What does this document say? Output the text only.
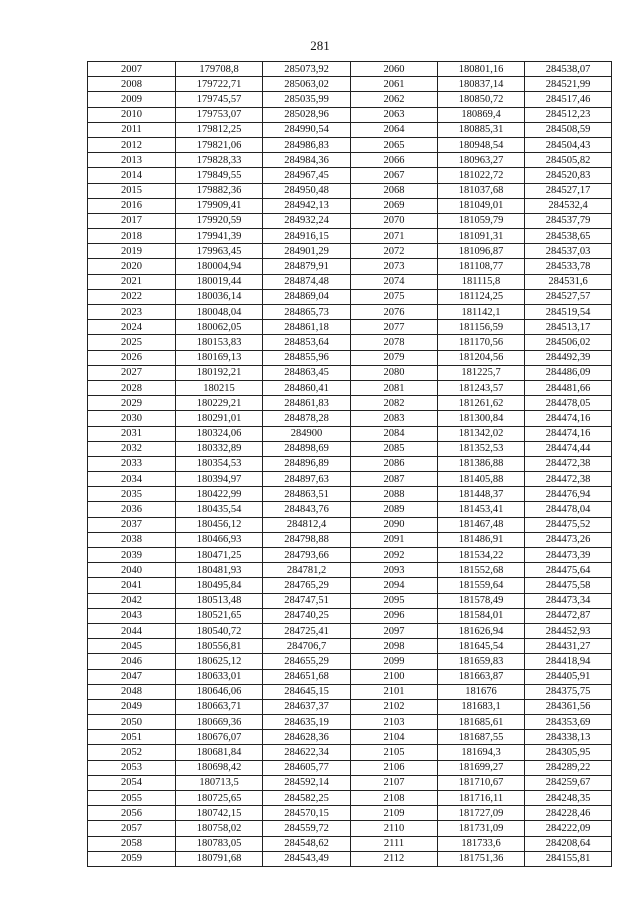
281
2007	179708,8	285073,92	2060	180801,16	284538,07
2008	179722,71	285063,02	2061	180837,14	284521,99
2009	179745,57	285035,99	2062	180850,72	284517,46
2010	179753,07	285028,96	2063	180869,4	284512,23
2011	179812,25	284990,54	2064	180885,31	284508,59
2012	179821,06	284986,83	2065	180948,54	284504,43
2013	179828,33	284984,36	2066	180963,27	284505,82
2014	179849,55	284967,45	2067	181022,72	284520,83
2015	179882,36	284950,48	2068	181037,68	284527,17
2016	179909,41	284942,13	2069	181049,01	284532,4
2017	179920,59	284932,24	2070	181059,79	284537,79
2018	179941,39	284916,15	2071	181091,31	284538,65
2019	179963,45	284901,29	2072	181096,87	284537,03
2020	180004,94	284879,91	2073	181108,77	284533,78
2021	180019,44	284874,48	2074	181115,8	284531,6
2022	180036,14	284869,04	2075	181124,25	284527,57
2023	180048,04	284865,73	2076	181142,1	284519,54
2024	180062,05	284861,18	2077	181156,59	284513,17
2025	180153,83	284853,64	2078	181170,56	284506,02
2026	180169,13	284855,96	2079	181204,56	284492,39
2027	180192,21	284863,45	2080	181225,7	284486,09
2028	180215	284860,41	2081	181243,57	284481,66
2029	180229,21	284861,83	2082	181261,62	284478,05
2030	180291,01	284878,28	2083	181300,84	284474,16
2031	180324,06	284900	2084	181342,02	284474,16
2032	180332,89	284898,69	2085	181352,53	284474,44
2033	180354,53	284896,89	2086	181386,88	284472,38
2034	180394,97	284897,63	2087	181405,88	284472,38
2035	180422,99	284863,51	2088	181448,37	284476,94
2036	180435,54	284843,76	2089	181453,41	284478,04
2037	180456,12	284812,4	2090	181467,48	284475,52
2038	180466,93	284798,88	2091	181486,91	284473,26
2039	180471,25	284793,66	2092	181534,22	284473,39
2040	180481,93	284781,2	2093	181552,68	284475,64
2041	180495,84	284765,29	2094	181559,64	284475,58
2042	180513,48	284747,51	2095	181578,49	284473,34
2043	180521,65	284740,25	2096	181584,01	284472,87
2044	180540,72	284725,41	2097	181626,94	284452,93
2045	180556,81	284706,7	2098	181645,54	284431,27
2046	180625,12	284655,29	2099	181659,83	284418,94
2047	180633,01	284651,68	2100	181663,87	284405,91
2048	180646,06	284645,15	2101	181676	284375,75
2049	180663,71	284637,37	2102	181683,1	284361,56
2050	180669,36	284635,19	2103	181685,61	284353,69
2051	180676,07	284628,36	2104	181687,55	284338,13
2052	180681,84	284622,34	2105	181694,3	284305,95
2053	180698,42	284605,77	2106	181699,27	284289,22
2054	180713,5	284592,14	2107	181710,67	284259,67
2055	180725,65	284582,25	2108	181716,11	284248,35
2056	180742,15	284570,15	2109	181727,09	284228,46
2057	180758,02	284559,72	2110	181731,09	284222,09
2058	180783,05	284548,62	2111	181733,6	284208,64
2059	180791,68	284543,49	2112	181751,36	284155,81
